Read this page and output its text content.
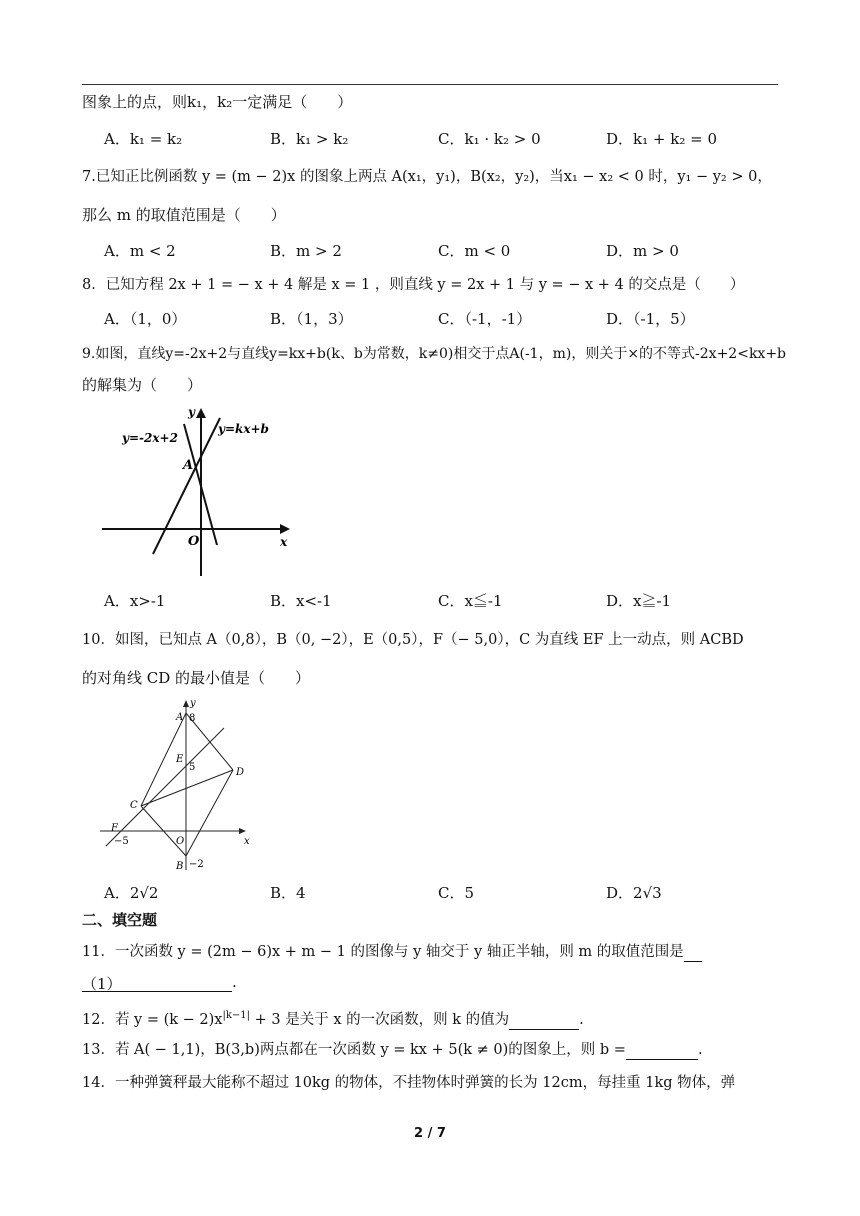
图象上的点，则k₁，k₂一定满足（　　）
A．k₁ = k₂	B．k₁ > k₂	C．k₁ · k₂ > 0	D．k₁ + k₂ = 0
7.已知正比例函数 y = (m − 2)x 的图象上两点 A(x₁，y₁)，B(x₂，y₂)，当x₁ − x₂ < 0 时，y₁ − y₂ > 0，
那么 m 的取值范围是（　　）
A．m < 2	B．m > 2	C．m < 0	D．m > 0
8．已知方程 2x + 1 = − x + 4 解是 x = 1 ，则直线 y = 2x + 1 与 y = − x + 4 的交点是（　　）
A．（1，0）	B．（1，3）	C．（-1，-1）	D．（-1，5）
9.如图，直线y=-2x+2与直线y=kx+b(k、b为常数，k≠0)相交于点A(-1，m)，则关于×的不等式-2x+2<kx+b
的解集为（　　）
y=-2x+2
y=kx+b
y
x
A
O
A．x>-1	B．x<-1	C．x≦-1	D．x≧-1
10．如图，已知点 A（0,8），B（0, −2），E（0,5），F（− 5,0），C 为直线 EF 上一动点，则 ACBD
的对角线 CD 的最小值是（　　）
y
A 8
E
5	D
C
F
−5	O	x
B −2
A．2√2	B．4	C．5	D．2√3
二、填空题
11．一次函数 y = (2m − 6)x + m − 1 的图像与 y 轴交于 y 轴正半轴，则 m 的取值范围是
（1）	.
12．若 $y = (k - 2)x^{|k-1|} + 3$ 是关于 x 的一次函数，则 k 的值为	.
13．若 A( − 1,1)，B(3,b)两点都在一次函数 y = kx + 5(k ≠ 0)的图象上，则 b =	.
14．一种弹簧秤最大能称不超过 10kg 的物体，不挂物体时弹簧的长为 12cm，每挂重 1kg 物体，弹
2 / 7
